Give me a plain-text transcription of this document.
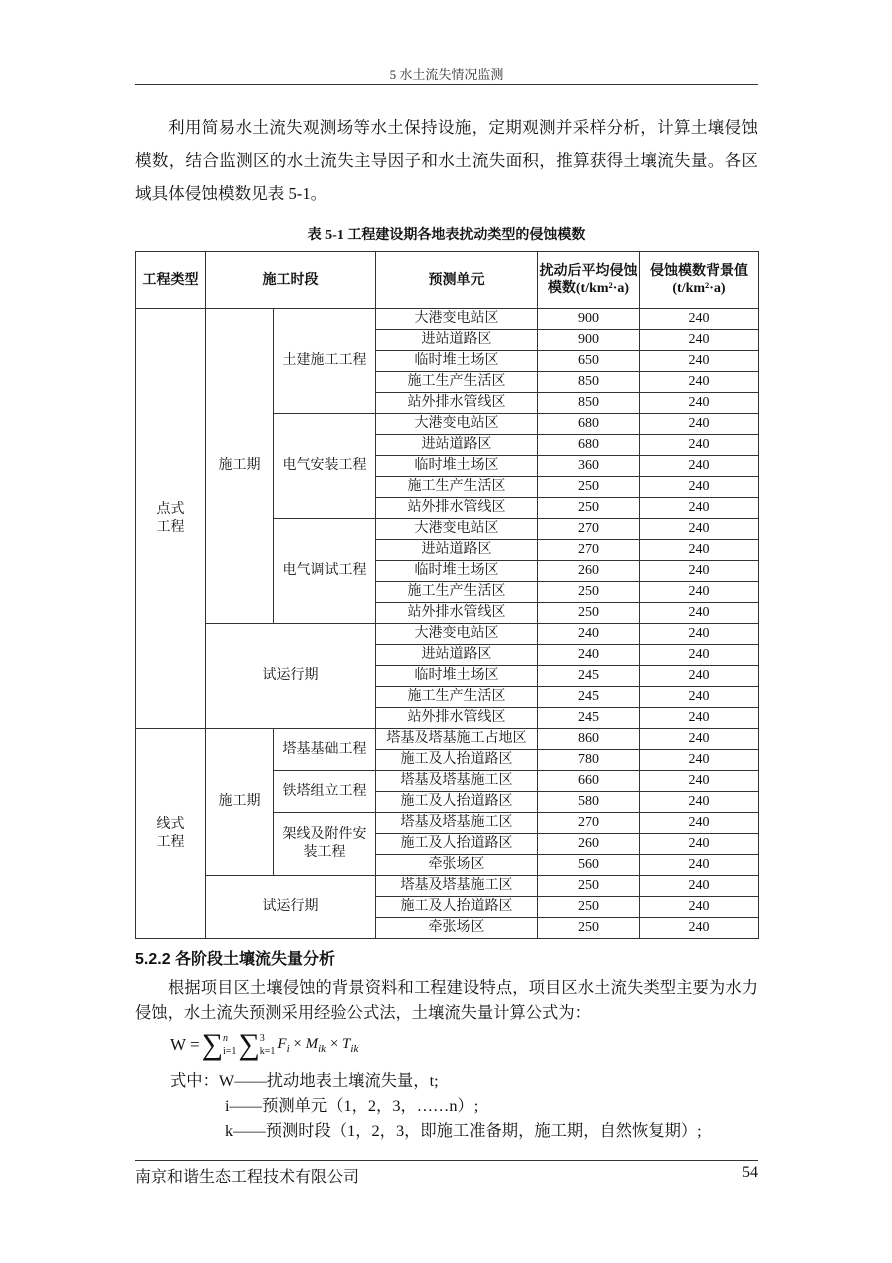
5 水土流失情况监测
利用简易水土流失观测场等水土保持设施，定期观测并采样分析，计算土壤侵蚀模数，结合监测区的水土流失主导因子和水土流失面积，推算获得土壤流失量。各区域具体侵蚀模数见表 5-1。
表 5-1 工程建设期各地表扰动类型的侵蚀模数
工程类型	施工时段		预测单元	扰动后平均侵蚀模数(t/km²·a)	侵蚀模数背景值(t/km²·a)
点式工程	施工期	土建施工工程	大港变电站区	900	240
			进站道路区	900	240
			临时堆土场区	650	240
			施工生产生活区	850	240
			站外排水管线区	850	240
		电气安装工程	大港变电站区	680	240
			进站道路区	680	240
			临时堆土场区	360	240
			施工生产生活区	250	240
			站外排水管线区	250	240
		电气调试工程	大港变电站区	270	240
			进站道路区	270	240
			临时堆土场区	260	240
			施工生产生活区	250	240
			站外排水管线区	250	240
	试运行期		大港变电站区	240	240
			进站道路区	240	240
			临时堆土场区	245	240
			施工生产生活区	245	240
			站外排水管线区	245	240
线式工程	施工期	塔基基础工程	塔基及塔基施工占地区	860	240
			施工及人抬道路区	780	240
		铁塔组立工程	塔基及塔基施工区	660	240
			施工及人抬道路区	580	240
		架线及附件安装工程	塔基及塔基施工区	270	240
			施工及人抬道路区	260	240
			牵张场区	560	240
	试运行期		塔基及塔基施工区	250	240
			施工及人抬道路区	250	240
			牵张场区	250	240
5.2.2 各阶段土壤流失量分析
根据项目区土壤侵蚀的背景资料和工程建设特点，项目区水土流失类型主要为水力侵蚀，水土流失预测采用经验公式法，土壤流失量计算公式为：
W = ∑ n
i=1 ∑ 3
k=1 $F_i \times M_{ik} \times T_{ik}$
式中：W——扰动地表土壤流失量，t;
i——预测单元（1，2，3，……n）;
k——预测时段（1，2，3，即施工准备期，施工期，自然恢复期）;
南京和谐生态工程技术有限公司	54
